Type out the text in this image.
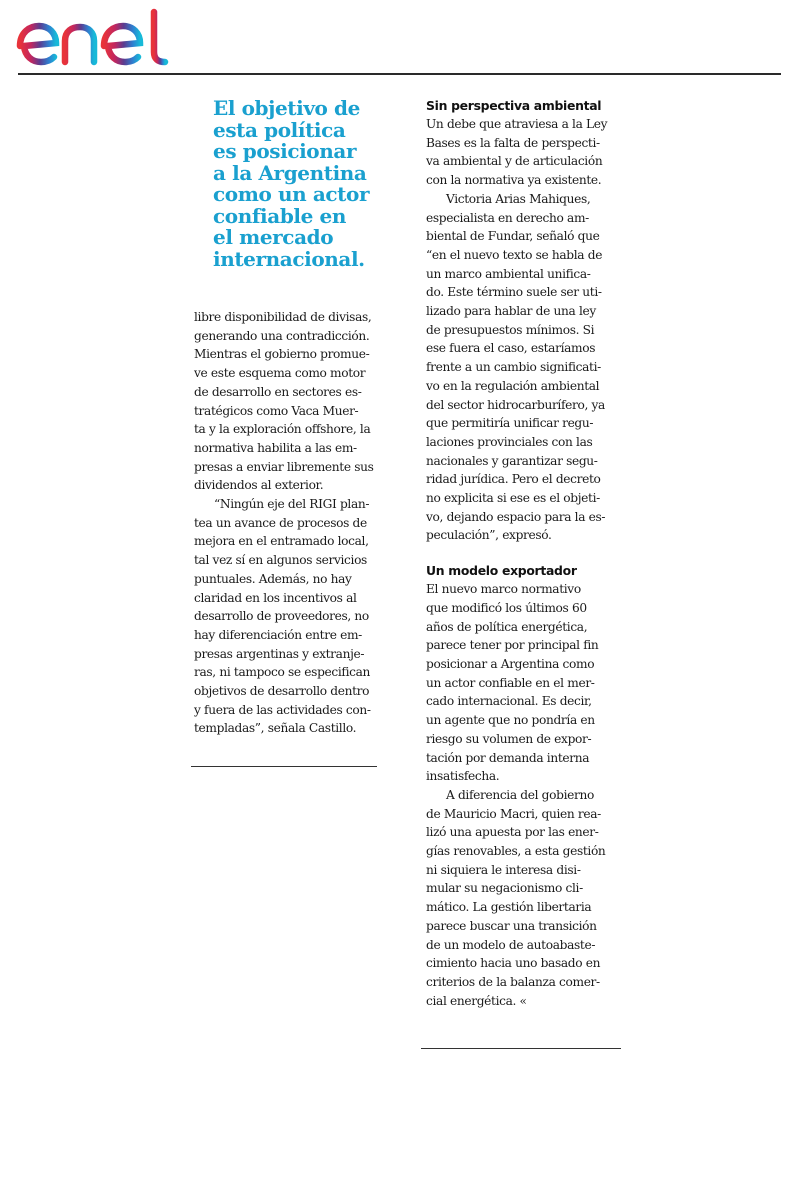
El objetivo de
esta política
es posicionar
a la Argentina
como un actor
confiable en
el mercado
internacional.

libre disponibilidad de divisas,
generando una contradicción.
Mientras el gobierno promue-
ve este esquema como motor
de desarrollo en sectores es-
tratégicos como Vaca Muer-
ta y la exploración offshore, la
normativa habilita a las em-
presas a enviar libremente sus
dividendos al exterior.
“Ningún eje del RIGI plan-
tea un avance de procesos de
mejora en el entramado local,
tal vez sí en algunos servicios
puntuales. Además, no hay
claridad en los incentivos al
desarrollo de proveedores, no
hay diferenciación entre em-
presas argentinas y extranje-
ras, ni tampoco se especifican
objetivos de desarrollo dentro
y fuera de las actividades con-
templadas”, señala Castillo.
Sin perspectiva ambiental
Un debe que atraviesa a la Ley
Bases es la falta de perspecti-
va ambiental y de articulación
con la normativa ya existente.
Victoria Arias Mahiques,
especialista en derecho am-
biental de Fundar, señaló que
“en el nuevo texto se habla de
un marco ambiental unifica-
do. Este término suele ser uti-
lizado para hablar de una ley
de presupuestos mínimos. Si
ese fuera el caso, estaríamos
frente a un cambio significati-
vo en la regulación ambiental
del sector hidrocarburífero, ya
que permitiría unificar regu-
laciones provinciales con las
nacionales y garantizar segu-
ridad jurídica. Pero el decreto
no explicita si ese es el objeti-
vo, dejando espacio para la es-
peculación”, expresó.
Un modelo exportador
El nuevo marco normativo
que modificó los últimos 60
años de política energética,
parece tener por principal fin
posicionar a Argentina como
un actor confiable en el mer-
cado internacional. Es decir,
un agente que no pondría en
riesgo su volumen de expor-
tación por demanda interna
insatisfecha.
A diferencia del gobierno
de Mauricio Macri, quien rea-
lizó una apuesta por las ener-
gías renovables, a esta gestión
ni siquiera le interesa disi-
mular su negacionismo cli-
mático. La gestión libertaria
parece buscar una transición
de un modelo de autoabaste-
cimiento hacia uno basado en
criterios de la balanza comer-
cial energética. «
